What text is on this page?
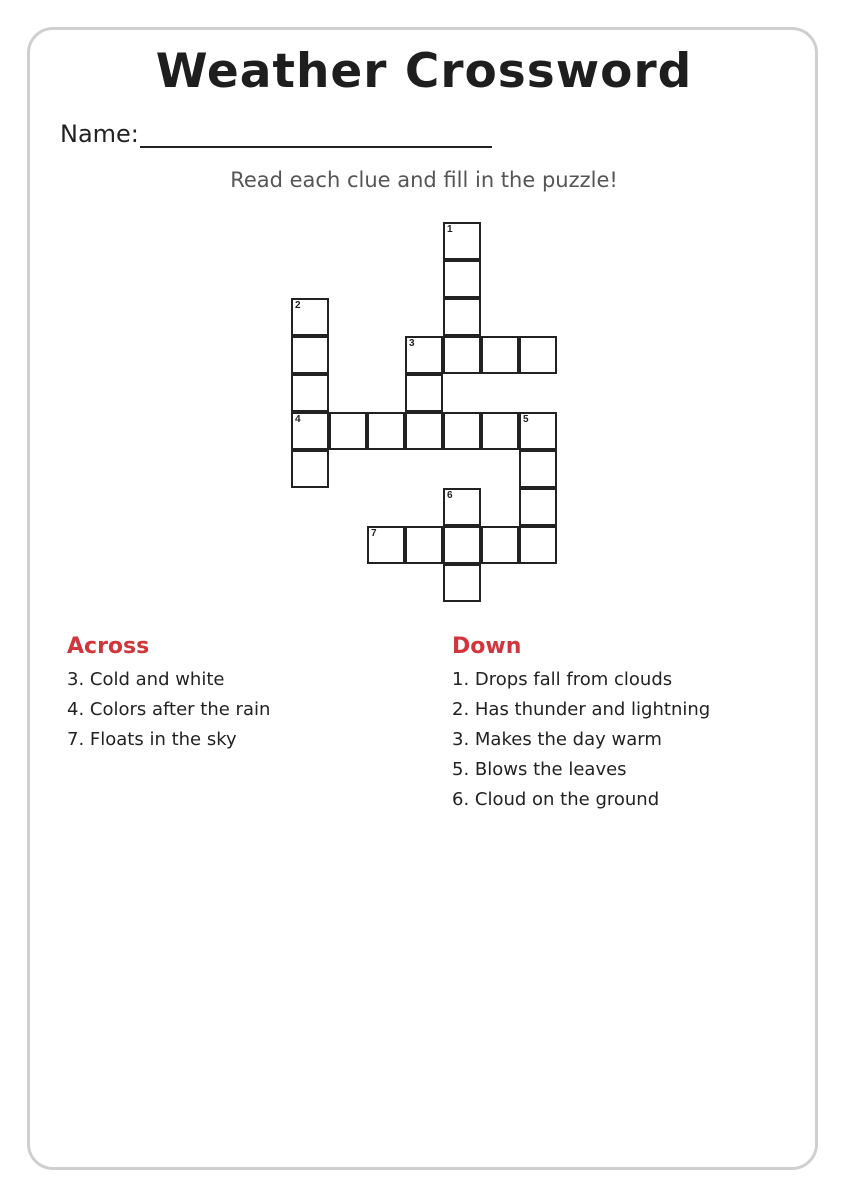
Weather Crossword
Name:
Read each clue and fill in the puzzle!
1
3
2
4	5
6
7
Across
3. Cold and white
4. Colors after the rain
7. Floats in the sky
Down
1. Drops fall from clouds
2. Has thunder and lightning
3. Makes the day warm
5. Blows the leaves
6. Cloud on the ground
